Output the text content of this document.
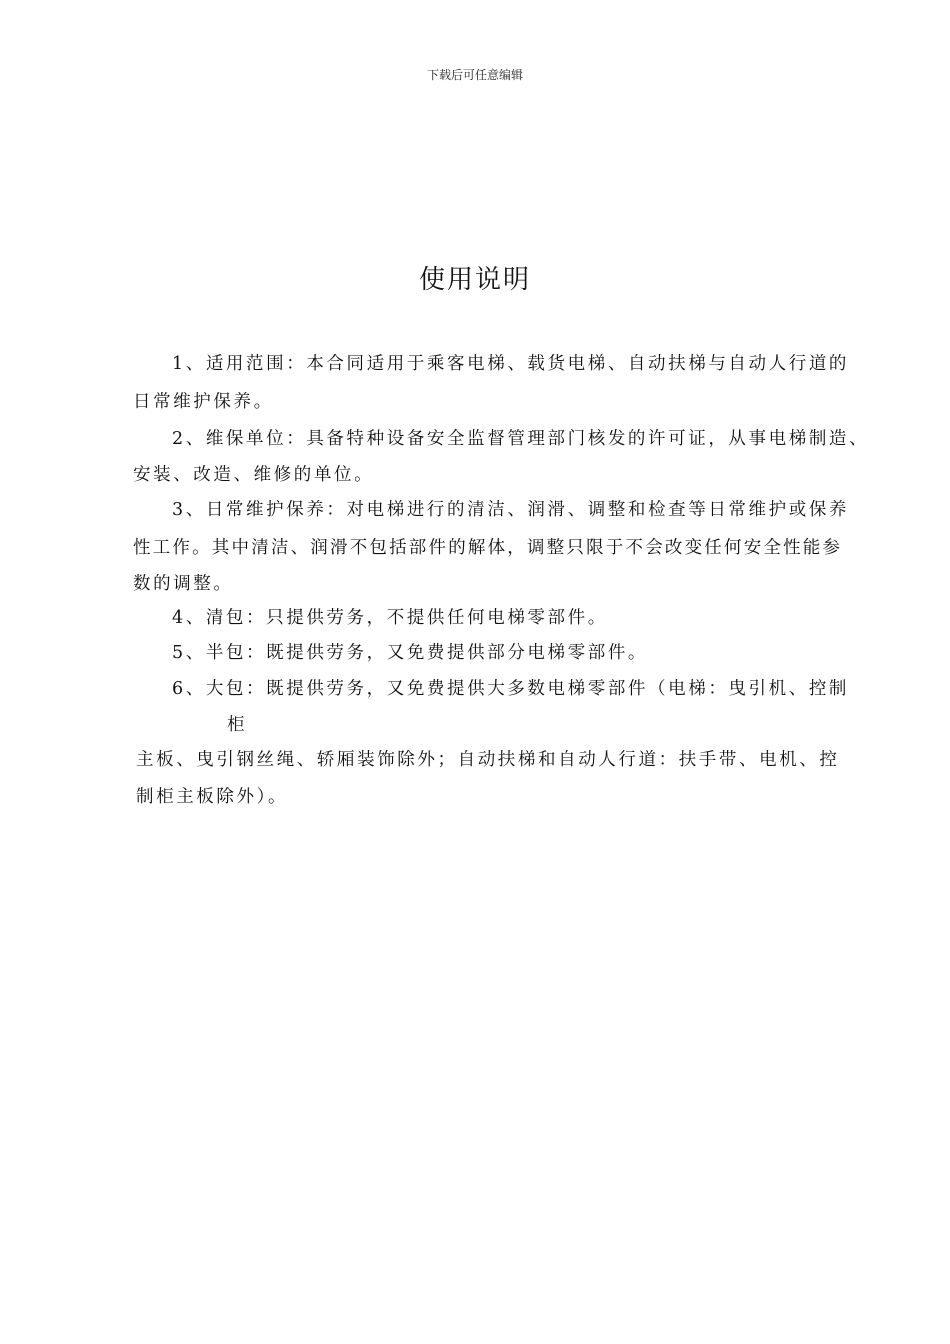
下载后可任意编辑
使用说明
1、适用范围：本合同适用于乘客电梯、载货电梯、自动扶梯与自动人行道的
日常维护保养。
2、维保单位：具备特种设备安全监督管理部门核发的许可证，从事电梯制造、
安装、改造、维修的单位。
3、日常维护保养：对电梯进行的清洁、润滑、调整和检查等日常维护或保养
性工作。其中清洁、润滑不包括部件的解体，调整只限于不会改变任何安全性能参
数的调整。
4、清包：只提供劳务，不提供任何电梯零部件。
5、半包：既提供劳务，又免费提供部分电梯零部件。
6、大包：既提供劳务，又免费提供大多数电梯零部件（电梯：曳引机、控制
柜
主板、曳引钢丝绳、轿厢装饰除外；自动扶梯和自动人行道：扶手带、电机、控
制柜主板除外）。
